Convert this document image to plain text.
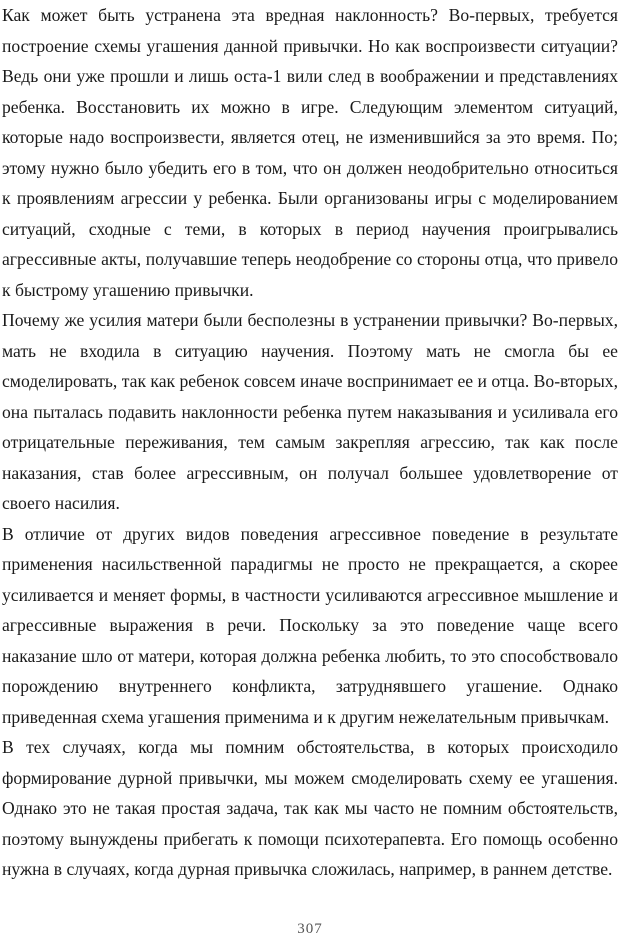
Как может быть устранена эта вредная наклонность? Во-первых, требуется построение схемы угашения данной привычки. Но как воспроизвести ситуации? Ведь они уже прошли и лишь оста-1 вили след в воображении и представлениях ребенка. Восстановить их можно в игре. Следующим элементом ситуаций, которые надо воспроизвести, является отец, не изменившийся за это время. По; этому нужно было убедить его в том, что он должен неодобрительно относиться к проявлениям агрессии у ребенка. Были организованы игры с моделированием ситуаций, сходные с теми, в которых в период научения проигрывались агрессивные акты, получавшие теперь неодобрение со стороны отца, что привело к быстрому угашению привычки.

Почему же усилия матери были бесполезны в устранении привычки? Во-первых, мать не входила в ситуацию научения. Поэтому мать не смогла бы ее смоделировать, так как ребенок совсем иначе воспринимает ее и отца. Во-вторых, она пыталась подавить наклонности ребенка путем наказывания и усиливала его отрицательные переживания, тем самым закрепляя агрессию, так как после наказания, став более агрессивным, он получал большее удовлетворение от своего насилия.

В отличие от других видов поведения агрессивное поведение в результате применения насильственной парадигмы не просто не прекращается, а скорее усиливается и меняет формы, в частности усиливаются агрессивное мышление и агрессивные выражения в речи. Поскольку за это поведение чаще всего наказание шло от матери, которая должна ребенка любить, то это способствовало порождению внутреннего конфликта, затруднявшего угашение. Однако приведенная схема угашения применима и к другим нежелательным привычкам.

В тех случаях, когда мы помним обстоятельства, в которых происходило формирование дурной привычки, мы можем смоделировать схему ее угашения. Однако это не такая простая задача, так как мы часто не помним обстоятельств, поэтому вынуждены прибегать к помощи психотерапевта. Его помощь особенно нужна в случаях, когда дурная привычка сложилась, например, в раннем детстве.

307
